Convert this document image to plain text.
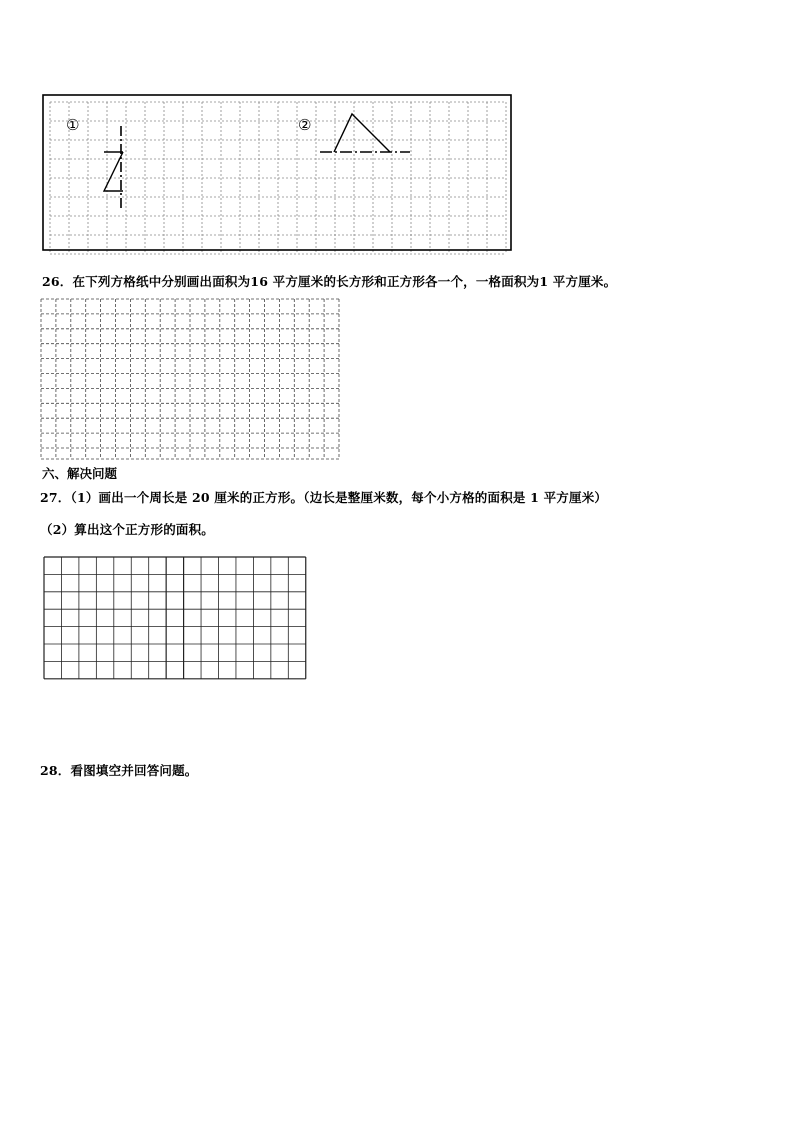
①	②
26．在下列方格纸中分别画出面积为16 平方厘米的长方形和正方形各一个，一格面积为1 平方厘米。
六、解决问题
27．（1）画出一个周长是 20 厘米的正方形。（边长是整厘米数，每个小方格的面积是 1 平方厘米）
（2）算出这个正方形的面积。
28．看图填空并回答问题。
